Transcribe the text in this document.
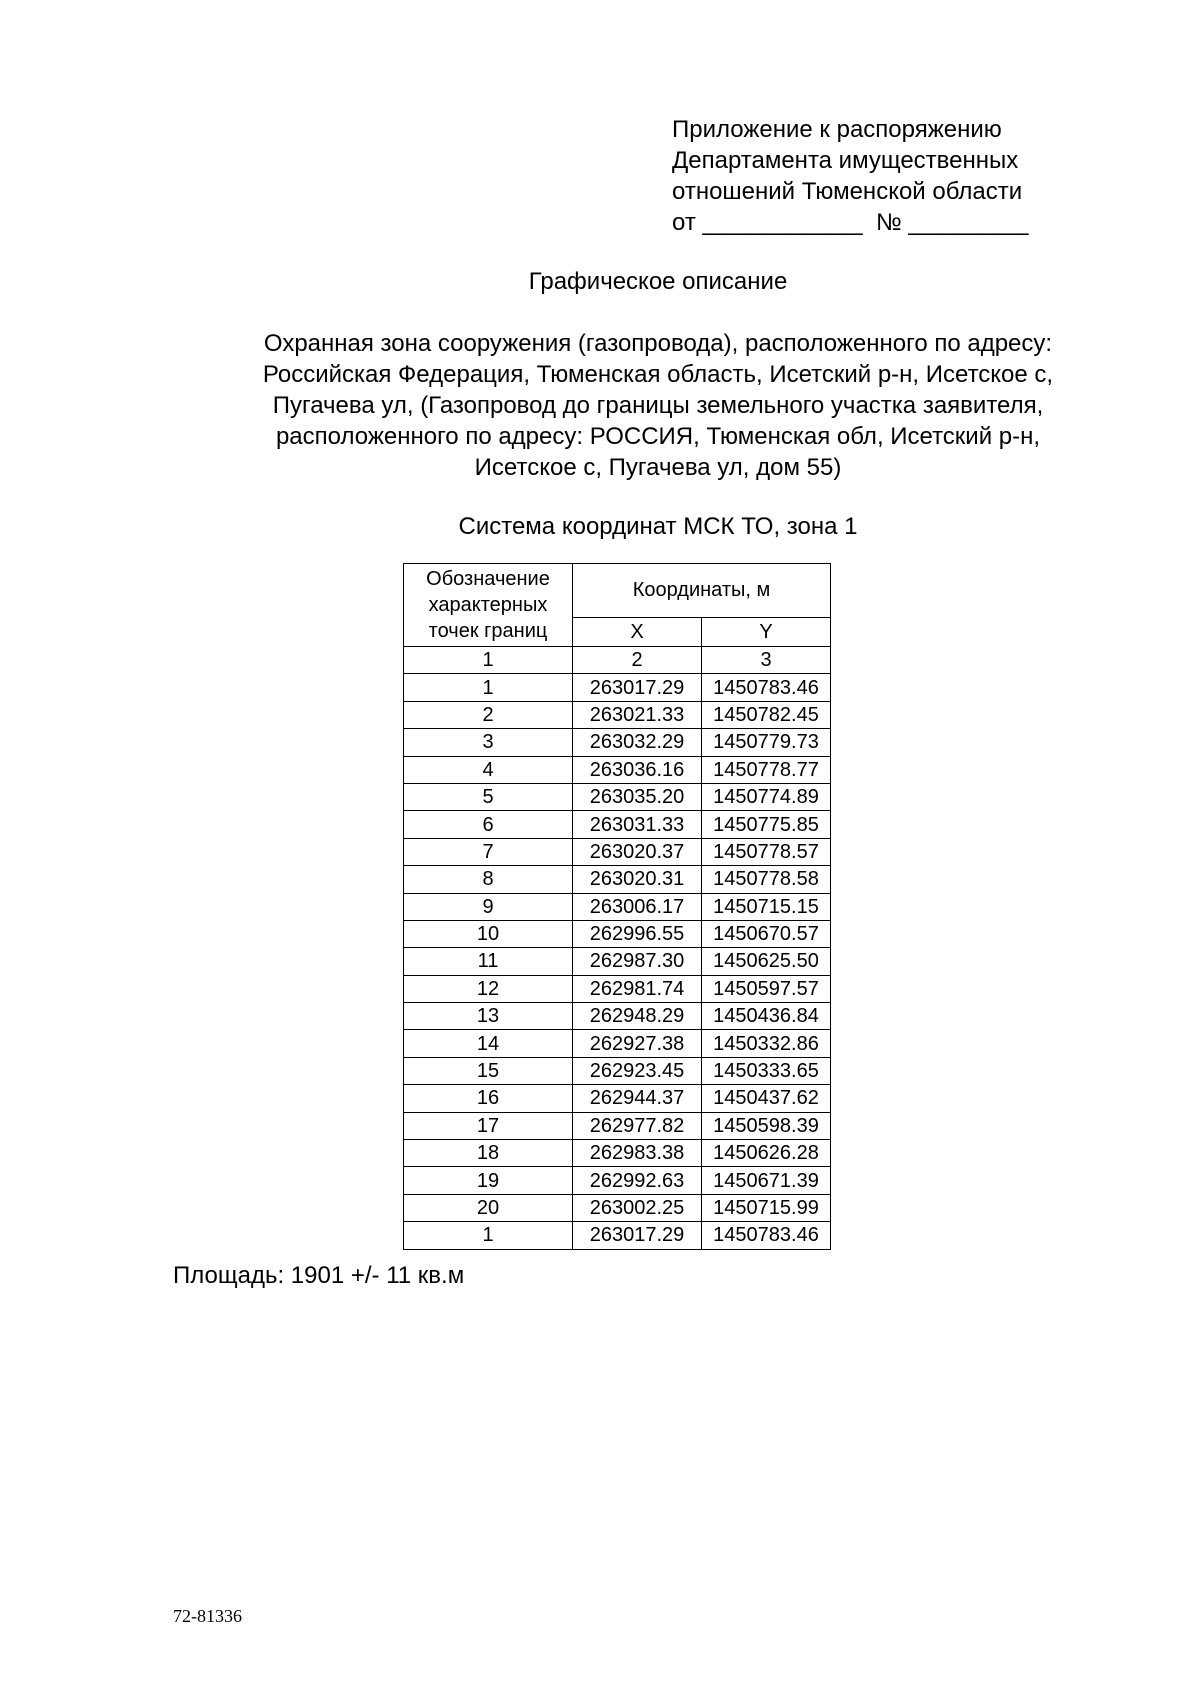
Приложение к распоряжению
Департамента имущественных
отношений Тюменской области
от ____________  № _________
Графическое описание
Охранная зона сооружения (газопровода), расположенного по адресу:
Российская Федерация, Тюменская область, Исетский р-н, Исетское с,
Пугачева ул, (Газопровод до границы земельного участка заявителя,
расположенного по адресу: РОССИЯ, Тюменская обл, Исетский р-н,
Исетское с, Пугачева ул, дом 55)
Система координат МСК ТО, зона 1
Обозначение характерных точек границ	Координаты, м	
	X	Y
1	2	3
1	263017.29	1450783.46
2	263021.33	1450782.45
3	263032.29	1450779.73
4	263036.16	1450778.77
5	263035.20	1450774.89
6	263031.33	1450775.85
7	263020.37	1450778.57
8	263020.31	1450778.58
9	263006.17	1450715.15
10	262996.55	1450670.57
11	262987.30	1450625.50
12	262981.74	1450597.57
13	262948.29	1450436.84
14	262927.38	1450332.86
15	262923.45	1450333.65
16	262944.37	1450437.62
17	262977.82	1450598.39
18	262983.38	1450626.28
19	262992.63	1450671.39
20	263002.25	1450715.99
1	263017.29	1450783.46
Площадь: 1901 +/- 11 кв.м
72-81336
